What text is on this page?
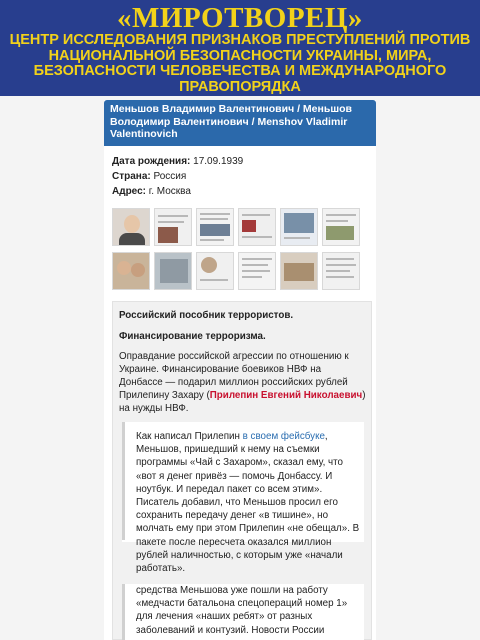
«МИРОТВОРЕЦ»
ЦЕНТР ИССЛЕДОВАНИЯ ПРИЗНАКОВ ПРЕСТУПЛЕНИЙ ПРОТИВ НАЦИОНАЛЬНОЙ БЕЗОПАСНОСТИ УКРАИНЫ, МИРА, БЕЗОПАСНОСТИ ЧЕЛОВЕЧЕСТВА И МЕЖДУНАРОДНОГО ПРАВОПОРЯДКА
Меньшов Владимир Валентинович / Меньшов Володимир Валентинович / Menshov Vladimir Valentinovich
Дата рождения: 17.09.1939
Страна: Россия
Адрес: г. Москва
Российский пособник террористов.
Финансирование терроризма.
Оправдание российской агрессии по отношению к Украине. Финансирование боевиков НВФ на Донбассе — подарил миллион российских рублей Прилепину Захару (Прилепин Евгений Николаевич) на нужды НВФ.
Как написал Прилепин в своем фейсбуке, Меньшов, пришедший к нему на съемки программы «Чай с Захаром», сказал ему, что «вот я денег привёз — помочь Донбассу. И ноутбук. И передал пакет со всем этим». Писатель добавил, что Меньшов просил его сохранить передачу денег «в тишине», но молчать ему при этом Прилепин «не обещал». В пакете после пересчета оказался миллион рублей наличностью, с которым уже «начали работать».
средства Меньшова уже пошли на работу «медчасти батальона спецопераций номер 1» для лечения «наших ребят» от разных заболеваний и контузий. Новости России
